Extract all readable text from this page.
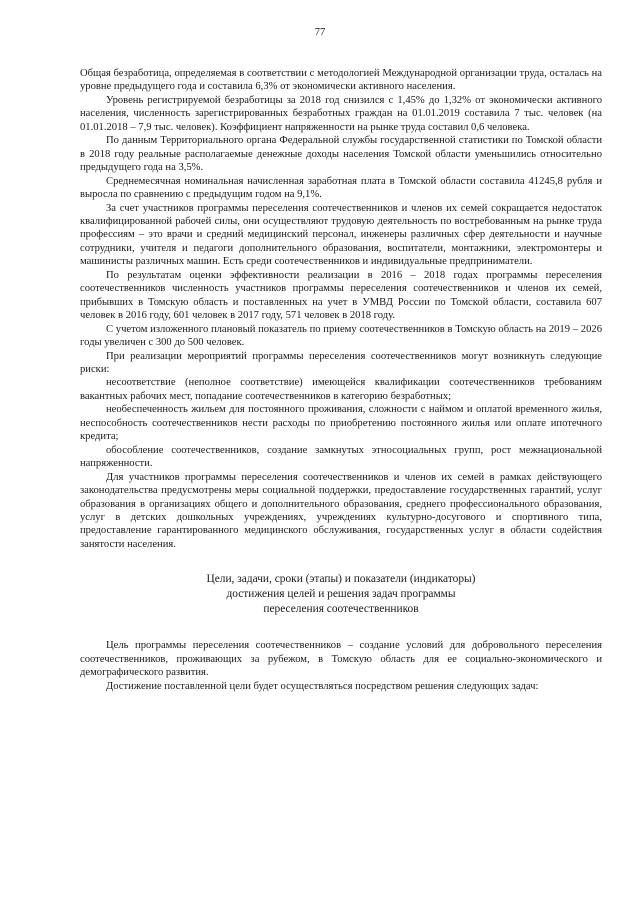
77

Общая безработица, определяемая в соответствии с методологией Международной организации труда, осталась на уровне предыдущего года и составила 6,3% от экономически активного населения.

Уровень регистрируемой безработицы за 2018 год снизился с 1,45% до 1,32% от экономически активного населения, численность зарегистрированных безработных граждан на 01.01.2019 составила 7 тыс. человек (на 01.01.2018 – 7,9 тыс. человек). Коэффициент напряженности на рынке труда составил 0,6 человека.

По данным Территориального органа Федеральной службы государственной статистики по Томской области в 2018 году реальные располагаемые денежные доходы населения Томской области уменьшились относительно предыдущего года на 3,5%.

Среднемесячная номинальная начисленная заработная плата в Томской области составила 41245,8 рубля и выросла по сравнению с предыдущим годом на 9,1%.

За счет участников программы переселения соотечественников и членов их семей сокращается недостаток квалифицированной рабочей силы, они осуществляют трудовую деятельность по востребованным на рынке труда профессиям – это врачи и средний медицинский персонал, инженеры различных сфер деятельности и научные сотрудники, учителя и педагоги дополнительного образования, воспитатели, монтажники, электромонтеры и машинисты различных машин. Есть среди соотечественников и индивидуальные предприниматели.

По результатам оценки эффективности реализации в 2016 – 2018 годах программы переселения соотечественников численность участников программы переселения соотечественников и членов их семей, прибывших в Томскую область и поставленных на учет в УМВД России по Томской области, составила 607 человек в 2016 году, 601 человек в 2017 году, 571 человек в 2018 году.

С учетом изложенного плановый показатель по приему соотечественников в Томскую область на 2019 – 2026 годы увеличен с 300 до 500 человек.

При реализации мероприятий программы переселения соотечественников могут возникнуть следующие риски:

несоответствие (неполное соответствие) имеющейся квалификации соотечественников требованиям вакантных рабочих мест, попадание соотечественников в категорию безработных;

необеспеченность жильем для постоянного проживания, сложности с наймом и оплатой временного жилья, неспособность соотечественников нести расходы по приобретению постоянного жилья или оплате ипотечного кредита;

обособление соотечественников, создание замкнутых этносоциальных групп, рост межнациональной напряженности.

Для участников программы переселения соотечественников и членов их семей в рамках действующего законодательства предусмотрены меры социальной поддержки, предоставление государственных гарантий, услуг образования в организациях общего и дополнительного образования, среднего профессионального образования, услуг в детских дошкольных учреждениях, учреждениях культурно-досугового и спортивного типа, предоставление гарантированного медицинского обслуживания, государственных услуг в области содействия занятости населения.

Цели, задачи, сроки (этапы) и показатели (индикаторы)
достижения целей и решения задач программы
переселения соотечественников

Цель программы переселения соотечественников – создание условий для добровольного переселения соотечественников, проживающих за рубежом, в Томскую область для ее социально-экономического и демографического развития.

Достижение поставленной цели будет осуществляться посредством решения следующих задач:
